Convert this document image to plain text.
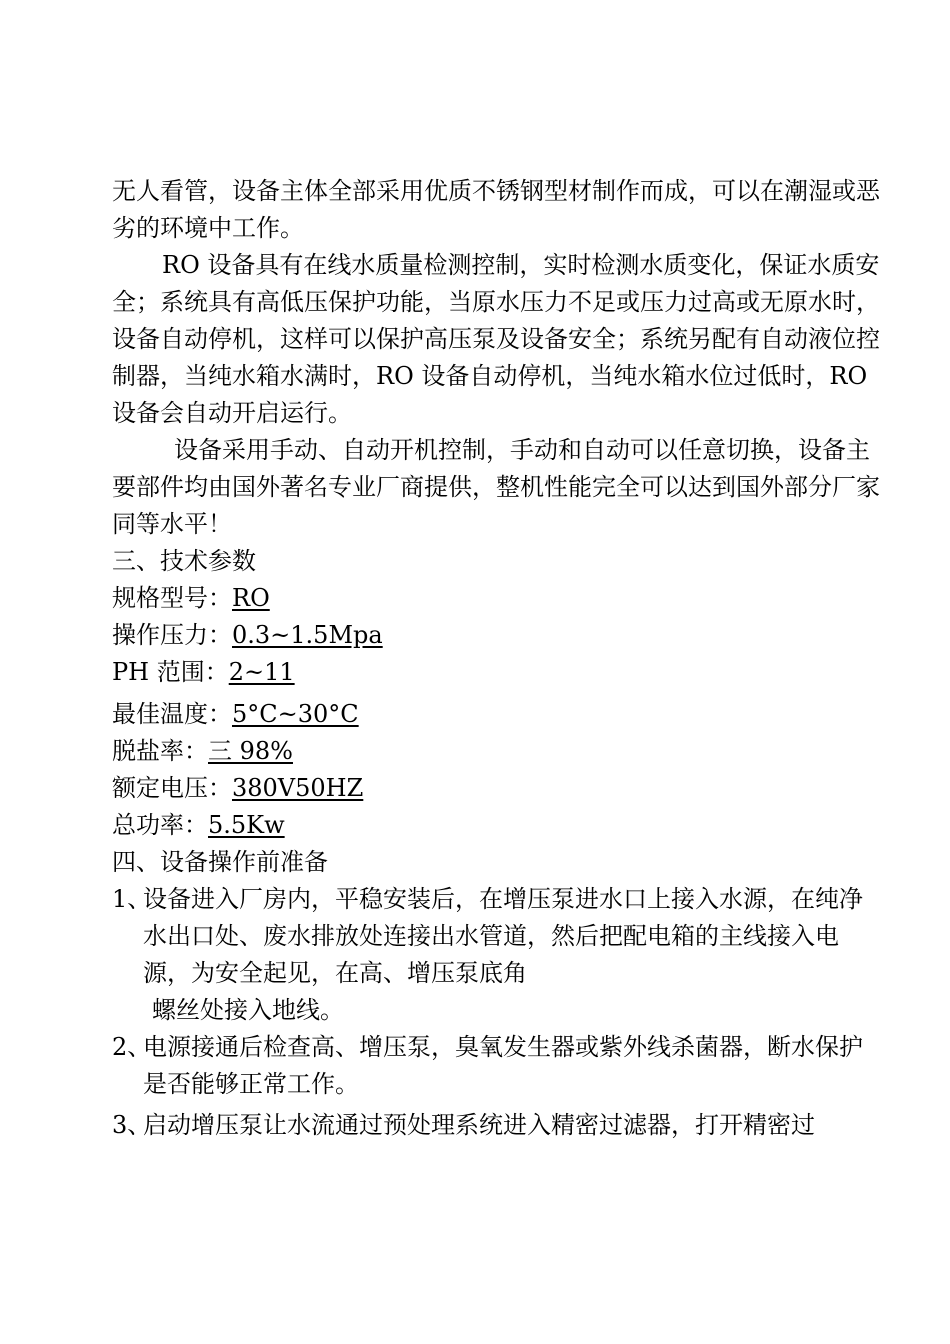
无人看管，设备主体全部采用优质不锈钢型材制作而成，可以在潮湿或恶劣的环境中工作。

RO 设备具有在线水质量检测控制，实时检测水质变化，保证水质安全；系统具有高低压保护功能，当原水压力不足或压力过高或无原水时，设备自动停机，这样可以保护高压泵及设备安全；系统另配有自动液位控制器，当纯水箱水满时，RO 设备自动停机，当纯水箱水位过低时，RO 设备会自动开启运行。

设备采用手动、自动开机控制，手动和自动可以任意切换，设备主要部件均由国外著名专业厂商提供，整机性能完全可以达到国外部分厂家同等水平！

三、技术参数

规格型号：RO

操作压力：0.3~1.5Mpa

PH 范围：2~11

最佳温度：5°C~30°C

脱盐率：三 98%

额定电压：380V50HZ

总功率：5.5Kw

四、设备操作前准备

1、

设备进入厂房内，平稳安装后，在增压泵进水口上接入水源，在纯净水出口处、废水排放处连接出水管道，然后把配电箱的主线接入电源，为安全起见，在高、增压泵底角

螺丝处接入地线。

2、

电源接通后检查高、增压泵，臭氧发生器或紫外线杀菌器，断水保护是否能够正常工作。

3、

启动增压泵让水流通过预处理系统进入精密过滤器，打开精密过
